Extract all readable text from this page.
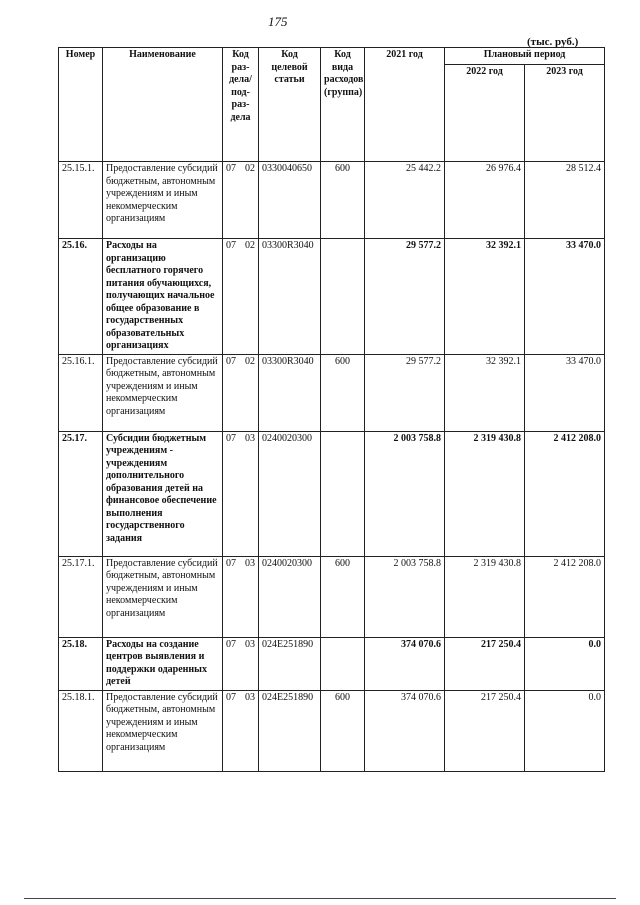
175
(тыс. руб.)
Номер	Наименование	Код раз-дела/ под-раз-дела		Код целевой статьи	Код вида расходов (группа)	2021 год	Плановый период	
							2022 год	2023 год
25.15.1.	Предоставление субсидий бюджетным, автономным учреждениям и иным некоммерческим организациям	07	02	0330040650	600	25 442.2	26 976.4	28 512.4
25.16.	Расходы на организацию бесплатного горячего питания обучающихся, получающих начальное общее образование в государственных образовательных организациях	07	02	03300R3040		29 577.2	32 392.1	33 470.0
25.16.1.	Предоставление субсидий бюджетным, автономным учреждениям и иным некоммерческим организациям	07	02	03300R3040	600	29 577.2	32 392.1	33 470.0
25.17.	Субсидии бюджетным учреждениям - учреждениям дополнительного образования детей на финансовое обеспечение выполнения государственного задания	07	03	0240020300		2 003 758.8	2 319 430.8	2 412 208.0
25.17.1.	Предоставление субсидий бюджетным, автономным учреждениям и иным некоммерческим организациям	07	03	0240020300	600	2 003 758.8	2 319 430.8	2 412 208.0
25.18.	Расходы на создание центров выявления и поддержки одаренных детей	07	03	024E251890		374 070.6	217 250.4	0.0
25.18.1.	Предоставление субсидий бюджетным, автономным учреждениям и иным некоммерческим организациям	07	03	024E251890	600	374 070.6	217 250.4	0.0
